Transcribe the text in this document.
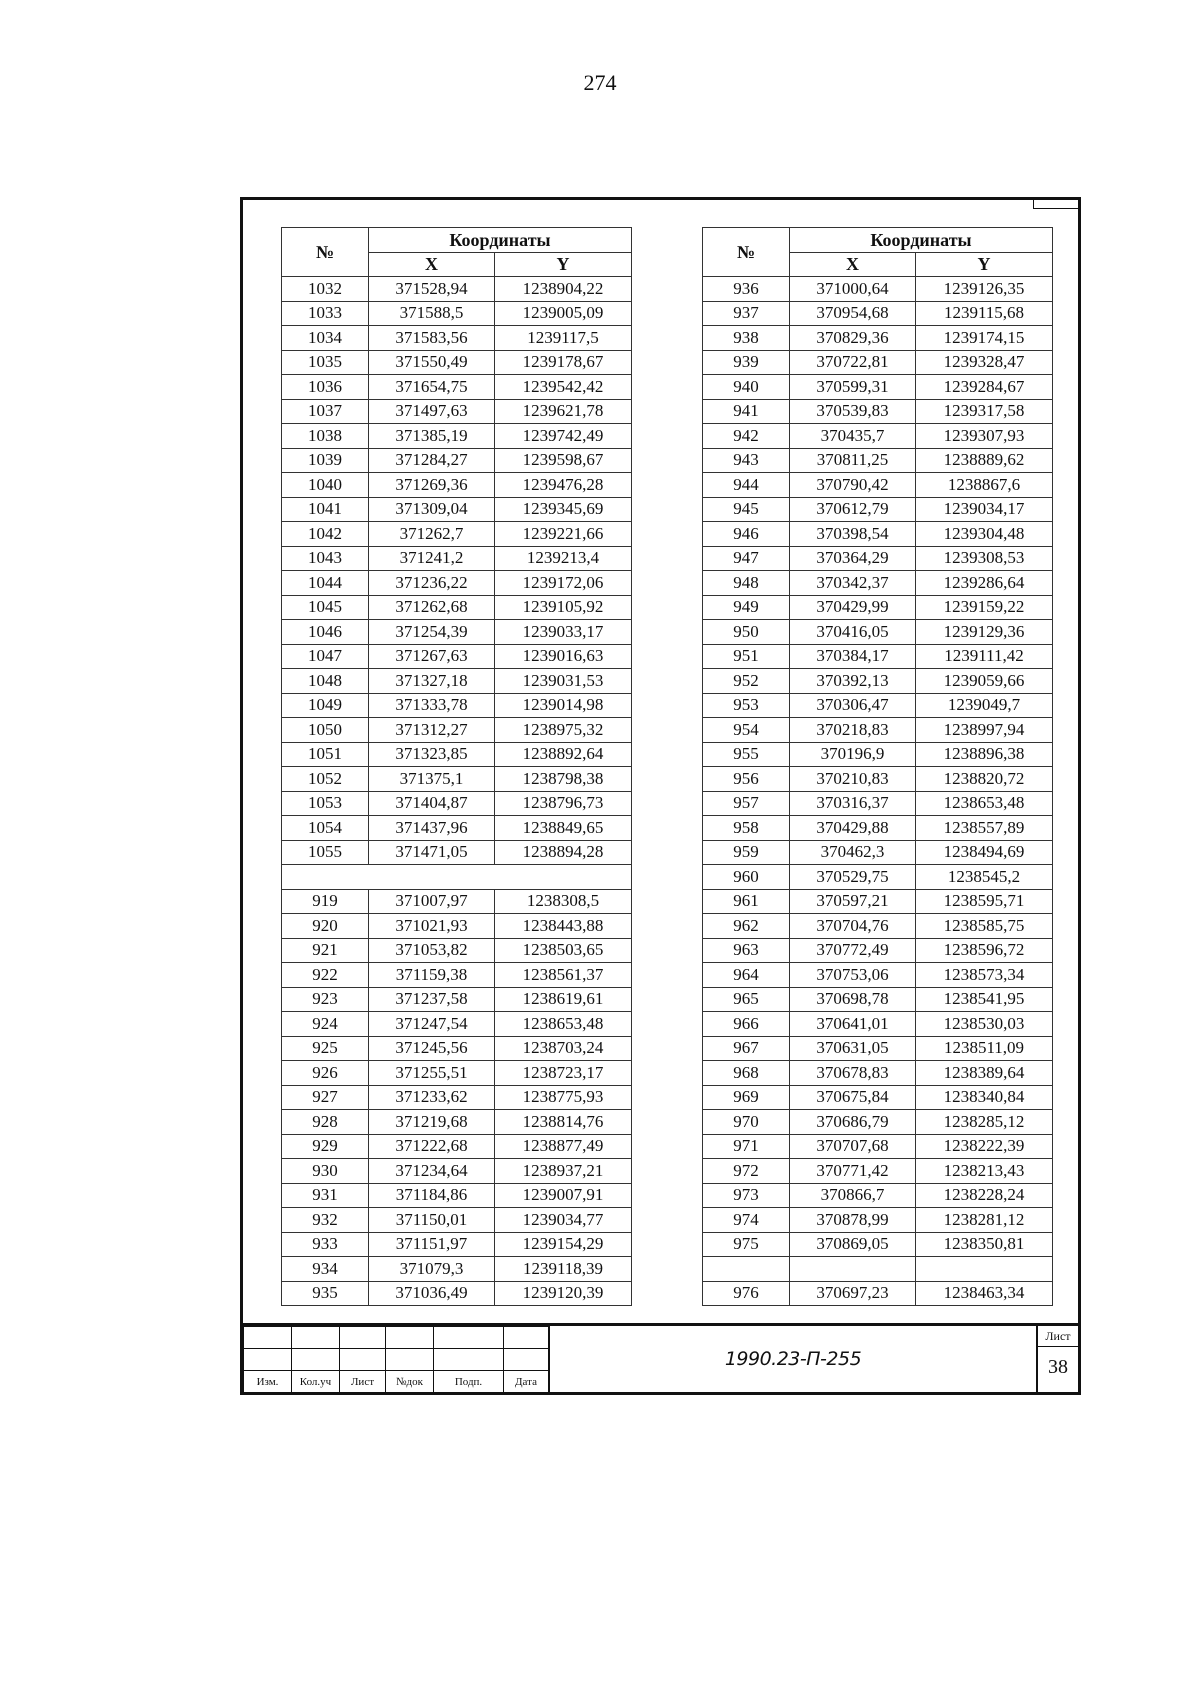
274
№	Координаты	
	X	Y
1032	371528,94	1238904,22
1033	371588,5	1239005,09
1034	371583,56	1239117,5
1035	371550,49	1239178,67
1036	371654,75	1239542,42
1037	371497,63	1239621,78
1038	371385,19	1239742,49
1039	371284,27	1239598,67
1040	371269,36	1239476,28
1041	371309,04	1239345,69
1042	371262,7	1239221,66
1043	371241,2	1239213,4
1044	371236,22	1239172,06
1045	371262,68	1239105,92
1046	371254,39	1239033,17
1047	371267,63	1239016,63
1048	371327,18	1239031,53
1049	371333,78	1239014,98
1050	371312,27	1238975,32
1051	371323,85	1238892,64
1052	371375,1	1238798,38
1053	371404,87	1238796,73
1054	371437,96	1238849,65
1055	371471,05	1238894,28

919	371007,97	1238308,5
920	371021,93	1238443,88
921	371053,82	1238503,65
922	371159,38	1238561,37
923	371237,58	1238619,61
924	371247,54	1238653,48
925	371245,56	1238703,24
926	371255,51	1238723,17
927	371233,62	1238775,93
928	371219,68	1238814,76
929	371222,68	1238877,49
930	371234,64	1238937,21
931	371184,86	1239007,91
932	371150,01	1239034,77
933	371151,97	1239154,29
934	371079,3	1239118,39
935	371036,49	1239120,39
№	Координаты	
	X	Y
936	371000,64	1239126,35
937	370954,68	1239115,68
938	370829,36	1239174,15
939	370722,81	1239328,47
940	370599,31	1239284,67
941	370539,83	1239317,58
942	370435,7	1239307,93
943	370811,25	1238889,62
944	370790,42	1238867,6
945	370612,79	1239034,17
946	370398,54	1239304,48
947	370364,29	1239308,53
948	370342,37	1239286,64
949	370429,99	1239159,22
950	370416,05	1239129,36
951	370384,17	1239111,42
952	370392,13	1239059,66
953	370306,47	1239049,7
954	370218,83	1238997,94
955	370196,9	1238896,38
956	370210,83	1238820,72
957	370316,37	1238653,48
958	370429,88	1238557,89
959	370462,3	1238494,69
960	370529,75	1238545,2
961	370597,21	1238595,71
962	370704,76	1238585,75
963	370772,49	1238596,72
964	370753,06	1238573,34
965	370698,78	1238541,95
966	370641,01	1238530,03
967	370631,05	1238511,09
968	370678,83	1238389,64
969	370675,84	1238340,84
970	370686,79	1238285,12
971	370707,68	1238222,39
972	370771,42	1238213,43
973	370866,7	1238228,24
974	370878,99	1238281,12
975	370869,05	1238350,81

976	370697,23	1238463,34

Изм.	Кол.уч	Лист	№док	Подп.	Дата
1990.23-П-255
Лист
38
